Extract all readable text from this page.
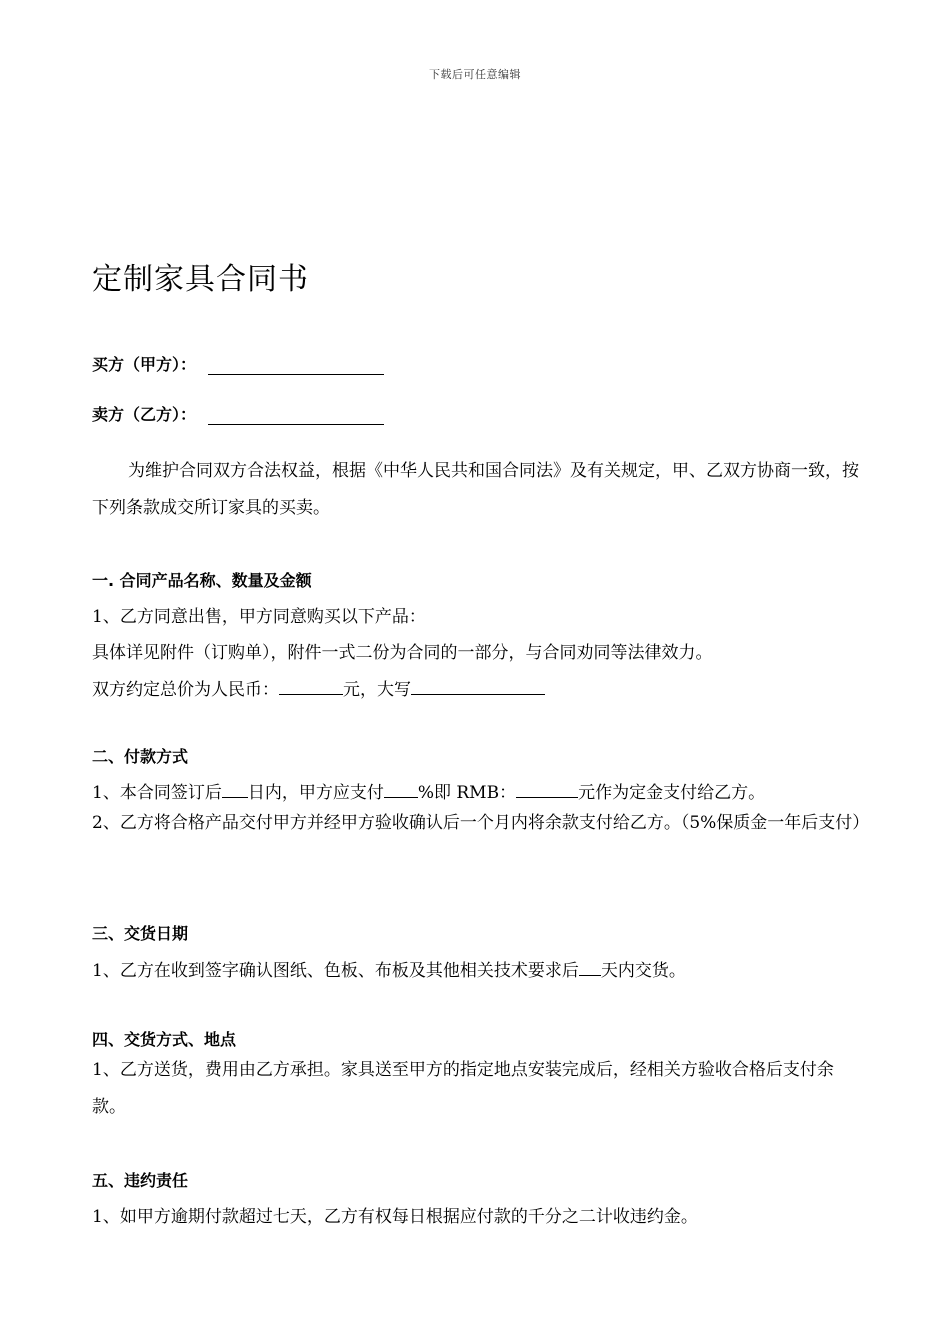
下载后可任意编辑
定制家具合同书
买方（甲方）：
卖方（乙方）：
为维护合同双方合法权益，根据《中华人民共和国合同法》及有关规定，甲、乙双方协商一致，按下列条款成交所订家具的买卖。
一. 合同产品名称、数量及金额
1、乙方同意出售，甲方同意购买以下产品：
具体详见附件（订购单），附件一式二份为合同的一部分，与合同劝同等法律效力。
双方约定总价为人民币：	元，大写
二、付款方式
1、本合同签订后 日内，甲方应支付 %即 RMB：	元作为定金支付给乙方。
2、乙方将合格产品交付甲方并经甲方验收确认后一个月内将余款支付给乙方。（5%保质金一年后支付）
三、交货日期
1、乙方在收到签字确认图纸、色板、布板及其他相关技术要求后 天内交货。
四、交货方式、地点
1、乙方送货，费用由乙方承担。家具送至甲方的指定地点安装完成后，经相关方验收合格后支付余款。
五、违约责任
1、如甲方逾期付款超过七天，乙方有权每日根据应付款的千分之二计收违约金。
